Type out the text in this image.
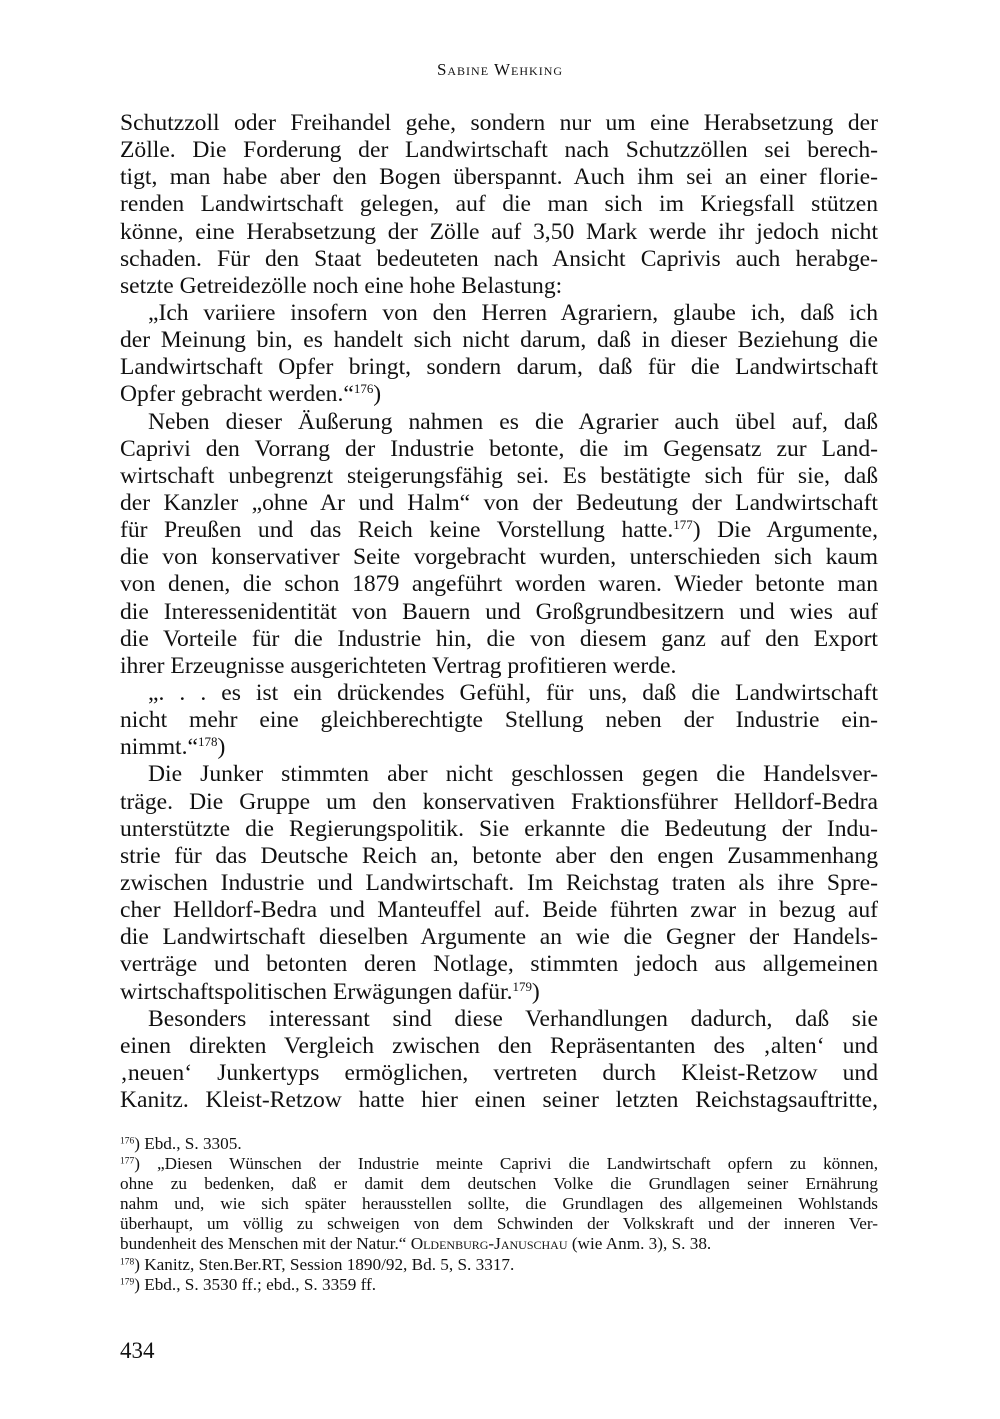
Sabine Wehking
Schutzzoll oder Freihandel gehe, sondern nur um eine Herabsetzung der
Zölle. Die Forderung der Landwirtschaft nach Schutzzöllen sei berech-
tigt, man habe aber den Bogen überspannt. Auch ihm sei an einer florie-
renden Landwirtschaft gelegen, auf die man sich im Kriegsfall stützen
könne, eine Herabsetzung der Zölle auf 3,50 Mark werde ihr jedoch nicht
schaden. Für den Staat bedeuteten nach Ansicht Caprivis auch herabge-
setzte Getreidezölle noch eine hohe Belastung:
„Ich variiere insofern von den Herren Agrariern, glaube ich, daß ich
der Meinung bin, es handelt sich nicht darum, daß in dieser Beziehung die
Landwirtschaft Opfer bringt, sondern darum, daß für die Landwirtschaft
Opfer gebracht werden.“$^{176}$)
Neben dieser Äußerung nahmen es die Agrarier auch übel auf, daß
Caprivi den Vorrang der Industrie betonte, die im Gegensatz zur Land-
wirtschaft unbegrenzt steigerungsfähig sei. Es bestätigte sich für sie, daß
der Kanzler „ohne Ar und Halm“ von der Bedeutung der Landwirtschaft
für Preußen und das Reich keine Vorstellung hatte.$^{177}$) Die Argumente,
die von konservativer Seite vorgebracht wurden, unterschieden sich kaum
von denen, die schon 1879 angeführt worden waren. Wieder betonte man
die Interessenidentität von Bauern und Großgrundbesitzern und wies auf
die Vorteile für die Industrie hin, die von diesem ganz auf den Export
ihrer Erzeugnisse ausgerichteten Vertrag profitieren werde.
„. . . es ist ein drückendes Gefühl, für uns, daß die Landwirtschaft
nicht mehr eine gleichberechtigte Stellung neben der Industrie ein-
nimmt.“$^{178}$)
Die Junker stimmten aber nicht geschlossen gegen die Handelsver-
träge. Die Gruppe um den konservativen Fraktionsführer Helldorf-Bedra
unterstützte die Regierungspolitik. Sie erkannte die Bedeutung der Indu-
strie für das Deutsche Reich an, betonte aber den engen Zusammenhang
zwischen Industrie und Landwirtschaft. Im Reichstag traten als ihre Spre-
cher Helldorf-Bedra und Manteuffel auf. Beide führten zwar in bezug auf
die Landwirtschaft dieselben Argumente an wie die Gegner der Handels-
verträge und betonten deren Notlage, stimmten jedoch aus allgemeinen
wirtschaftspolitischen Erwägungen dafür.$^{179}$)
Besonders interessant sind diese Verhandlungen dadurch, daß sie
einen direkten Vergleich zwischen den Repräsentanten des ‚alten‘ und
‚neuen‘ Junkertyps ermöglichen, vertreten durch Kleist-Retzow und
Kanitz. Kleist-Retzow hatte hier einen seiner letzten Reichstagsauftritte,
$^{176}$) Ebd., S. 3305.
$^{177}$) „Diesen Wünschen der Industrie meinte Caprivi die Landwirtschaft opfern zu können,
ohne zu bedenken, daß er damit dem deutschen Volke die Grundlagen seiner Ernährung
nahm und, wie sich später herausstellen sollte, die Grundlagen des allgemeinen Wohlstands
überhaupt, um völlig zu schweigen von dem Schwinden der Volkskraft und der inneren Ver-
bundenheit des Menschen mit der Natur.“ Oldenburg-Januschau (wie Anm. 3), S. 38.
$^{178}$) Kanitz, Sten.Ber.RT, Session 1890/92, Bd. 5, S. 3317.
$^{179}$) Ebd., S. 3530 ff.; ebd., S. 3359 ff.
434
